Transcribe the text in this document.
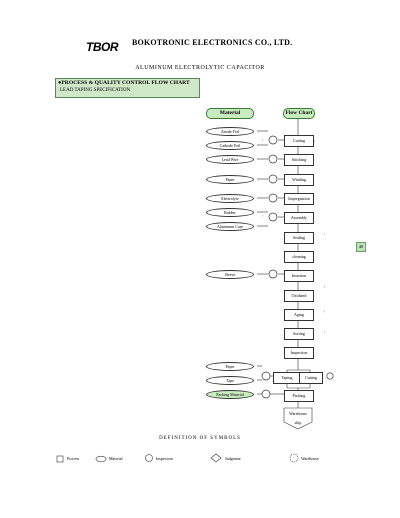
TBOR	BOKOTRONIC ELECTRONICS CO., LTD.
ALUMINUM ELECTROLYTIC CAPACITOR
●PROCESS & QUALITY CONTROL FLOW CHART
LEAD TAPING SPECIFICATION
•
•
•
•
•
•
•
Material	Flow Chart
Anode Foil
Cathode Foil
Lead Wire
Paper
Electrolyte
Rubber
Aluminum Case
Sleeve
Paper
Tape
Packing Material
Cutting
Stitching
Winding
Impregnation
Assembly
Sealing
cleaning
Insertion
Oxidized
Aging
Sorting
Inspection
Taping	Cutting
Packing
Warehouse
ship
40
DEFINITION OF SYMBOLS
Process	Material	Inspection	Judgment	Warehouse
